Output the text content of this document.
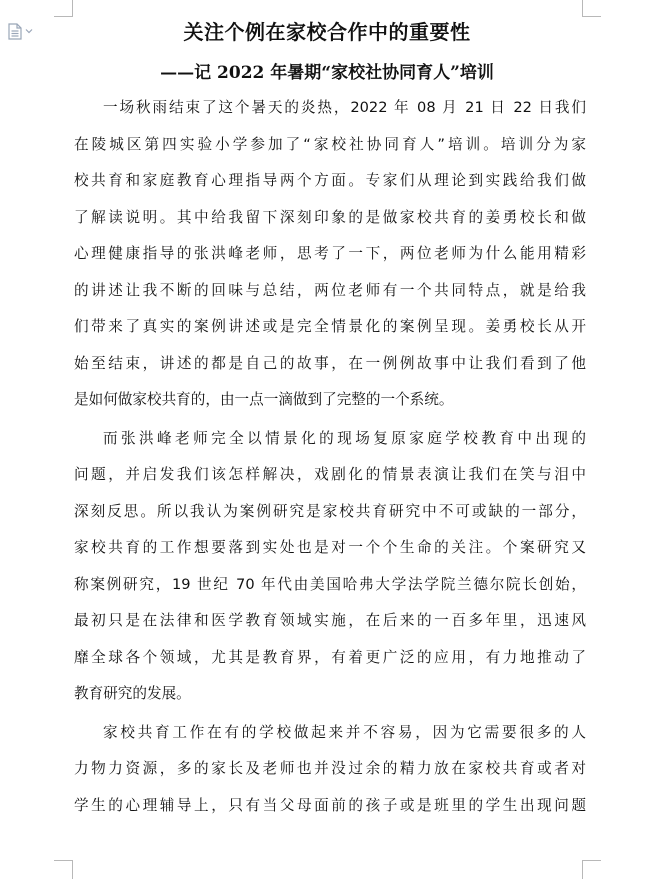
关注个例在家校合作中的重要性
——记 2022 年暑期“家校社协同育人”培训
一场秋雨结束了这个暑天的炎热，2022 年 08 月 21 日 22 日我们
在陵城区第四实验小学参加了“家校社协同育人”培训。培训分为家
校共育和家庭教育心理指导两个方面。专家们从理论到实践给我们做
了解读说明。其中给我留下深刻印象的是做家校共育的姜勇校长和做
心理健康指导的张洪峰老师，思考了一下，两位老师为什么能用精彩
的讲述让我不断的回味与总结，两位老师有一个共同特点，就是给我
们带来了真实的案例讲述或是完全情景化的案例呈现。姜勇校长从开
始至结束，讲述的都是自己的故事，在一例例故事中让我们看到了他
是如何做家校共育的，由一点一滴做到了完整的一个系统。
而张洪峰老师完全以情景化的现场复原家庭学校教育中出现的
问题，并启发我们该怎样解决，戏剧化的情景表演让我们在笑与泪中
深刻反思。所以我认为案例研究是家校共育研究中不可或缺的一部分，
家校共育的工作想要落到实处也是对一个个生命的关注。个案研究又
称案例研究，19 世纪 70 年代由美国哈弗大学法学院兰德尔院长创始，
最初只是在法律和医学教育领域实施，在后来的一百多年里，迅速风
靡全球各个领域，尤其是教育界，有着更广泛的应用，有力地推动了
教育研究的发展。
家校共育工作在有的学校做起来并不容易，因为它需要很多的人
力物力资源，多的家长及老师也并没过余的精力放在家校共育或者对
学生的心理辅导上，只有当父母面前的孩子或是班里的学生出现问题
